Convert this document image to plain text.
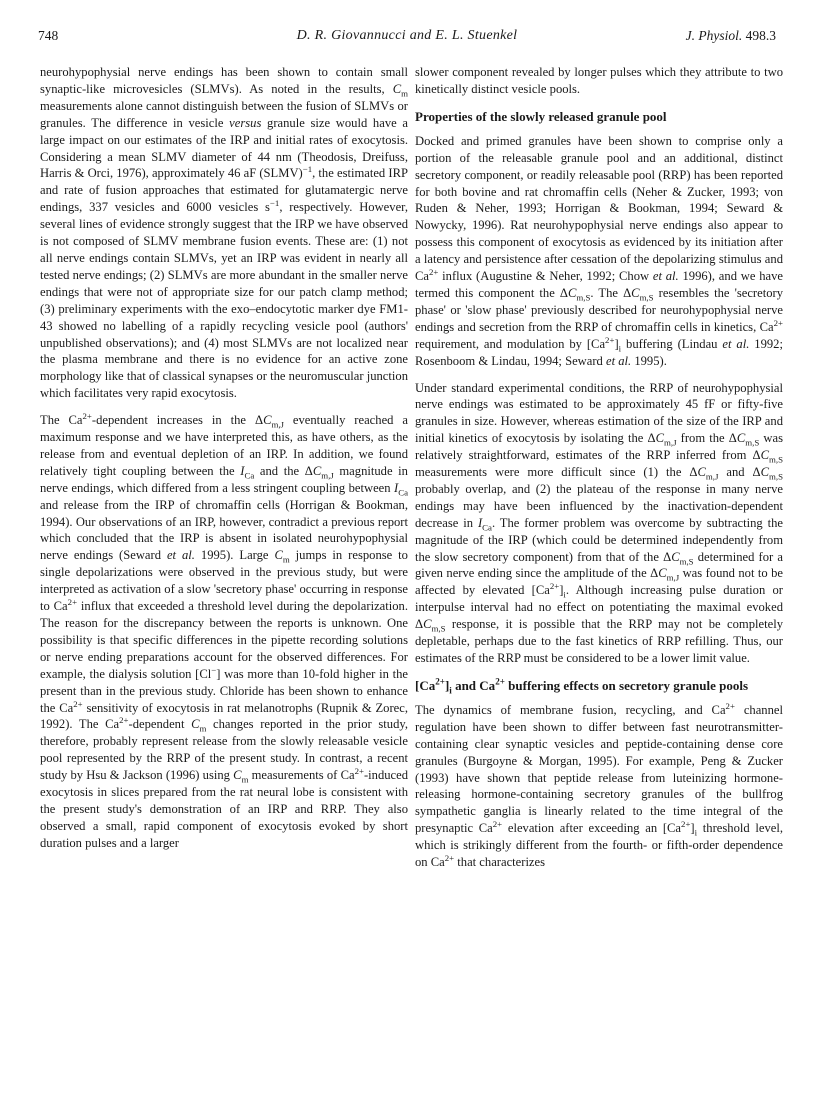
748	D. R. Giovannucci and E. L. Stuenkel	J. Physiol. 498.3

neurohypophysial nerve endings has been shown to contain small synaptic-like microvesicles (SLMVs). As noted in the results, $C_m$ measurements alone cannot distinguish between the fusion of SLMVs or granules. The difference in vesicle versus granule size would have a large impact on our estimates of the IRP and initial rates of exocytosis. Considering a mean SLMV diameter of 44 nm (Theodosis, Dreifuss, Harris & Orci, 1976), approximately 46 aF (SLMV)$^{-1}$, the estimated IRP and rate of fusion approaches that estimated for glutamatergic nerve endings, 337 vesicles and 6000 vesicles $s^{-1}$, respectively. However, several lines of evidence strongly suggest that the IRP we have observed is not composed of SLMV membrane fusion events. These are: (1) not all nerve endings contain SLMVs, yet an IRP was evident in nearly all tested nerve endings; (2) SLMVs are more abundant in the smaller nerve endings that were not of appropriate size for our patch clamp method; (3) preliminary experiments with the exo–endocytotic marker dye FM1-43 showed no labelling of a rapidly recycling vesicle pool (authors' unpublished observations); and (4) most SLMVs are not localized near the plasma membrane and there is no evidence for an active zone morphology like that of classical synapses or the neuromuscular junction which facilitates very rapid exocytosis.

The $Ca^{2+}$-dependent increases in the $\Delta C_{m,J}$ eventually reached a maximum response and we have interpreted this, as have others, as the release from and eventual depletion of an IRP. In addition, we found relatively tight coupling between the $I_{Ca}$ and the $\Delta C_{m,J}$ magnitude in nerve endings, which differed from a less stringent coupling between $I_{Ca}$ and release from the IRP of chromaffin cells (Horrigan & Bookman, 1994). Our observations of an IRP, however, contradict a previous report which concluded that the IRP is absent in isolated neurohypophysial nerve endings (Seward et al. 1995). Large $C_m$ jumps in response to single depolarizations were observed in the previous study, but were interpreted as activation of a slow 'secretory phase' occurring in response to $Ca^{2+}$ influx that exceeded a threshold level during the depolarization. The reason for the discrepancy between the reports is unknown. One possibility is that specific differences in the pipette recording solutions or nerve ending preparations account for the observed differences. For example, the dialysis solution [Cl−] was more than 10-fold higher in the present than in the previous study. Chloride has been shown to enhance the $Ca^{2+}$ sensitivity of exocytosis in rat melanotrophs (Rupnik & Zorec, 1992). The $Ca^{2+}$-dependent $C_m$ changes reported in the prior study, therefore, probably represent release from the slowly releasable vesicle pool represented by the RRP of the present study. In contrast, a recent study by Hsu & Jackson (1996) using $C_m$ measurements of $Ca^{2+}$-induced exocytosis in slices prepared from the rat neural lobe is consistent with the present study's demonstration of an IRP and RRP. They also observed a small, rapid component of exocytosis evoked by short duration pulses and a larger

slower component revealed by longer pulses which they attribute to two kinetically distinct vesicle pools.

Properties of the slowly released granule pool

Docked and primed granules have been shown to comprise only a portion of the releasable granule pool and an additional, distinct secretory component, or readily releasable pool (RRP) has been reported for both bovine and rat chromaffin cells (Neher & Zucker, 1993; von Ruden & Neher, 1993; Horrigan & Bookman, 1994; Seward & Nowycky, 1996). Rat neurohypophysial nerve endings also appear to possess this component of exocytosis as evidenced by its initiation after a latency and persistence after cessation of the depolarizing stimulus and $Ca^{2+}$ influx (Augustine & Neher, 1992; Chow et al. 1996), and we have termed this component the $\Delta C_{m,S}$. The $\Delta C_{m,S}$ resembles the 'secretory phase' or 'slow phase' previously described for neurohypophysial nerve endings and secretion from the RRP of chromaffin cells in kinetics, $Ca^{2+}$ requirement, and modulation by $[Ca^{2+}]_i$ buffering (Lindau et al. 1992; Rosenboom & Lindau, 1994; Seward et al. 1995).

Under standard experimental conditions, the RRP of neurohypophysial nerve endings was estimated to be approximately 45 fF or fifty-five granules in size. However, whereas estimation of the size of the IRP and initial kinetics of exocytosis by isolating the $\Delta C_{m,J}$ from the $\Delta C_{m,S}$ was relatively straightforward, estimates of the RRP inferred from $\Delta C_{m,S}$ measurements were more difficult since (1) the $\Delta C_{m,J}$ and $\Delta C_{m,S}$ probably overlap, and (2) the plateau of the response in many nerve endings may have been influenced by the inactivation-dependent decrease in $I_{Ca}$. The former problem was overcome by subtracting the magnitude of the IRP (which could be determined independently from the slow secretory component) from that of the $\Delta C_{m,S}$ determined for a given nerve ending since the amplitude of the $\Delta C_{m,J}$ was found not to be affected by elevated $[Ca^{2+}]_i$. Although increasing pulse duration or interpulse interval had no effect on potentiating the maximal evoked $\Delta C_{m,S}$ response, it is possible that the RRP may not be completely depletable, perhaps due to the fast kinetics of RRP refilling. Thus, our estimates of the RRP must be considered to be a lower limit value.

$[Ca^{2+}]_i$ and $Ca^{2+}$ buffering effects on secretory granule pools

The dynamics of membrane fusion, recycling, and $Ca^{2+}$ channel regulation have been shown to differ between fast neurotransmitter-containing clear synaptic vesicles and peptide-containing dense core granules (Burgoyne & Morgan, 1995). For example, Peng & Zucker (1993) have shown that peptide release from luteinizing hormone-releasing hormone-containing secretory granules of the bullfrog sympathetic ganglia is linearly related to the time integral of the presynaptic $Ca^{2+}$ elevation after exceeding an $[Ca^{2+}]_i$ threshold level, which is strikingly different from the fourth- or fifth-order dependence on $Ca^{2+}$ that characterizes
